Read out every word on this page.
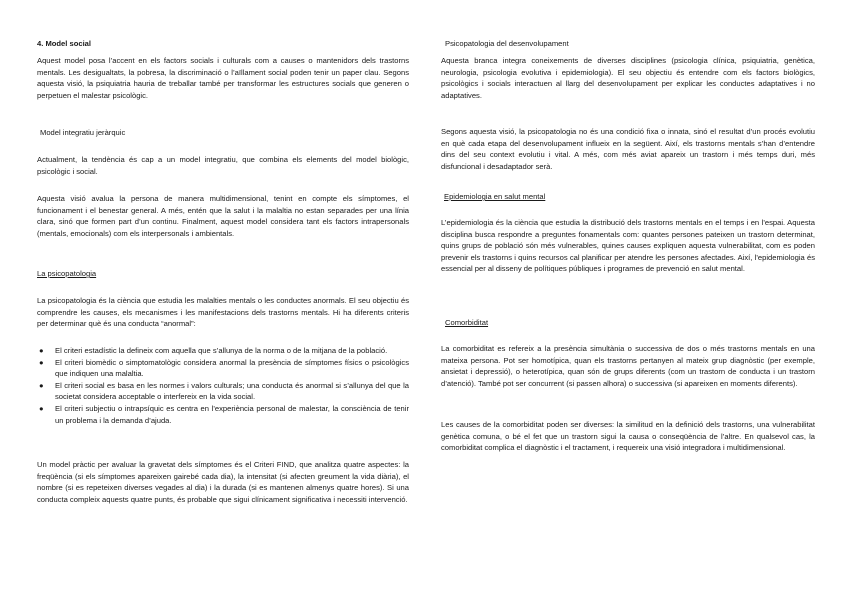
4. Model social

Aquest model posa l’accent en els factors socials i culturals com a causes o mantenidors dels trastorns mentals. Les desigualtats, la pobresa, la discriminació o l’aïllament social poden tenir un paper clau. Segons aquesta visió, la psiquiatria hauria de treballar també per transformar les estructures socials que generen o perpetuen el malestar psicològic.

Model integratiu jeràrquic

Actualment, la tendència és cap a un model integratiu, que combina els elements del model biològic, psicològic i social.

Aquesta visió avalua la persona de manera multidimensional, tenint en compte els símptomes, el funcionament i el benestar general. A més, entén que la salut i la malaltia no estan separades per una línia clara, sinó que formen part d’un continu. Finalment, aquest model considera tant els factors intrapersonals (mentals, emocionals) com els interpersonals i ambientals.

La psicopatologia

La psicopatologia és la ciència que estudia les malalties mentals o les conductes anormals. El seu objectiu és comprendre les causes, els mecanismes i les manifestacions dels trastorns mentals. Hi ha diferents criteris per determinar què és una conducta “anormal”:

● El criteri estadístic la defineix com aquella que s’allunya de la norma o de la mitjana de la població.
● El criteri biomèdic o simptomatològic considera anormal la presència de símptomes físics o psicològics que indiquen una malaltia.
● El criteri social es basa en les normes i valors culturals; una conducta és anormal si s’allunya del que la societat considera acceptable o interfereix en la vida social.
● El criteri subjectiu o intrapsíquic es centra en l’experiència personal de malestar, la consciència de tenir un problema i la demanda d’ajuda.

Un model pràctic per avaluar la gravetat dels símptomes és el Criteri FIND, que analitza quatre aspectes: la freqüència (si els símptomes apareixen gairebé cada dia), la intensitat (si afecten greument la vida diària), el nombre (si es repeteixen diverses vegades al dia) i la durada (si es mantenen almenys quatre hores). Si una conducta compleix aquests quatre punts, és probable que sigui clínicament significativa i necessiti intervenció.

Psicopatologia del desenvolupament

Aquesta branca integra coneixements de diverses disciplines (psicologia clínica, psiquiatria, genètica, neurologia, psicologia evolutiva i epidemiologia). El seu objectiu és entendre com els factors biològics, psicològics i socials interactuen al llarg del desenvolupament per explicar les conductes adaptatives i no adaptatives.

Segons aquesta visió, la psicopatologia no és una condició fixa o innata, sinó el resultat d’un procés evolutiu en què cada etapa del desenvolupament influeix en la següent. Així, els trastorns mentals s’han d’entendre dins del seu context evolutiu i vital. A més, com més aviat apareix un trastorn i més temps duri, més disfuncional i desadaptador serà.

Epidemiologia en salut mental

L’epidemiologia és la ciència que estudia la distribució dels trastorns mentals en el temps i en l’espai. Aquesta disciplina busca respondre a preguntes fonamentals com: quantes persones pateixen un trastorn determinat, quins grups de població són més vulnerables, quines causes expliquen aquesta vulnerabilitat, com es poden prevenir els trastorns i quins recursos cal planificar per atendre les persones afectades. Així, l’epidemiologia és essencial per al disseny de polítiques públiques i programes de prevenció en salut mental.

Comorbiditat

La comorbiditat es refereix a la presència simultània o successiva de dos o més trastorns mentals en una mateixa persona. Pot ser homotípica, quan els trastorns pertanyen al mateix grup diagnòstic (per exemple, ansietat i depressió), o heterotípica, quan són de grups diferents (com un trastorn de conducta i un trastorn d’atenció). També pot ser concurrent (si passen alhora) o successiva (si apareixen en moments diferents).

Les causes de la comorbiditat poden ser diverses: la similitud en la definició dels trastorns, una vulnerabilitat genètica comuna, o bé el fet que un trastorn sigui la causa o conseqüència de l’altre. En qualsevol cas, la comorbiditat complica el diagnòstic i el tractament, i requereix una visió integradora i multidimensional.
